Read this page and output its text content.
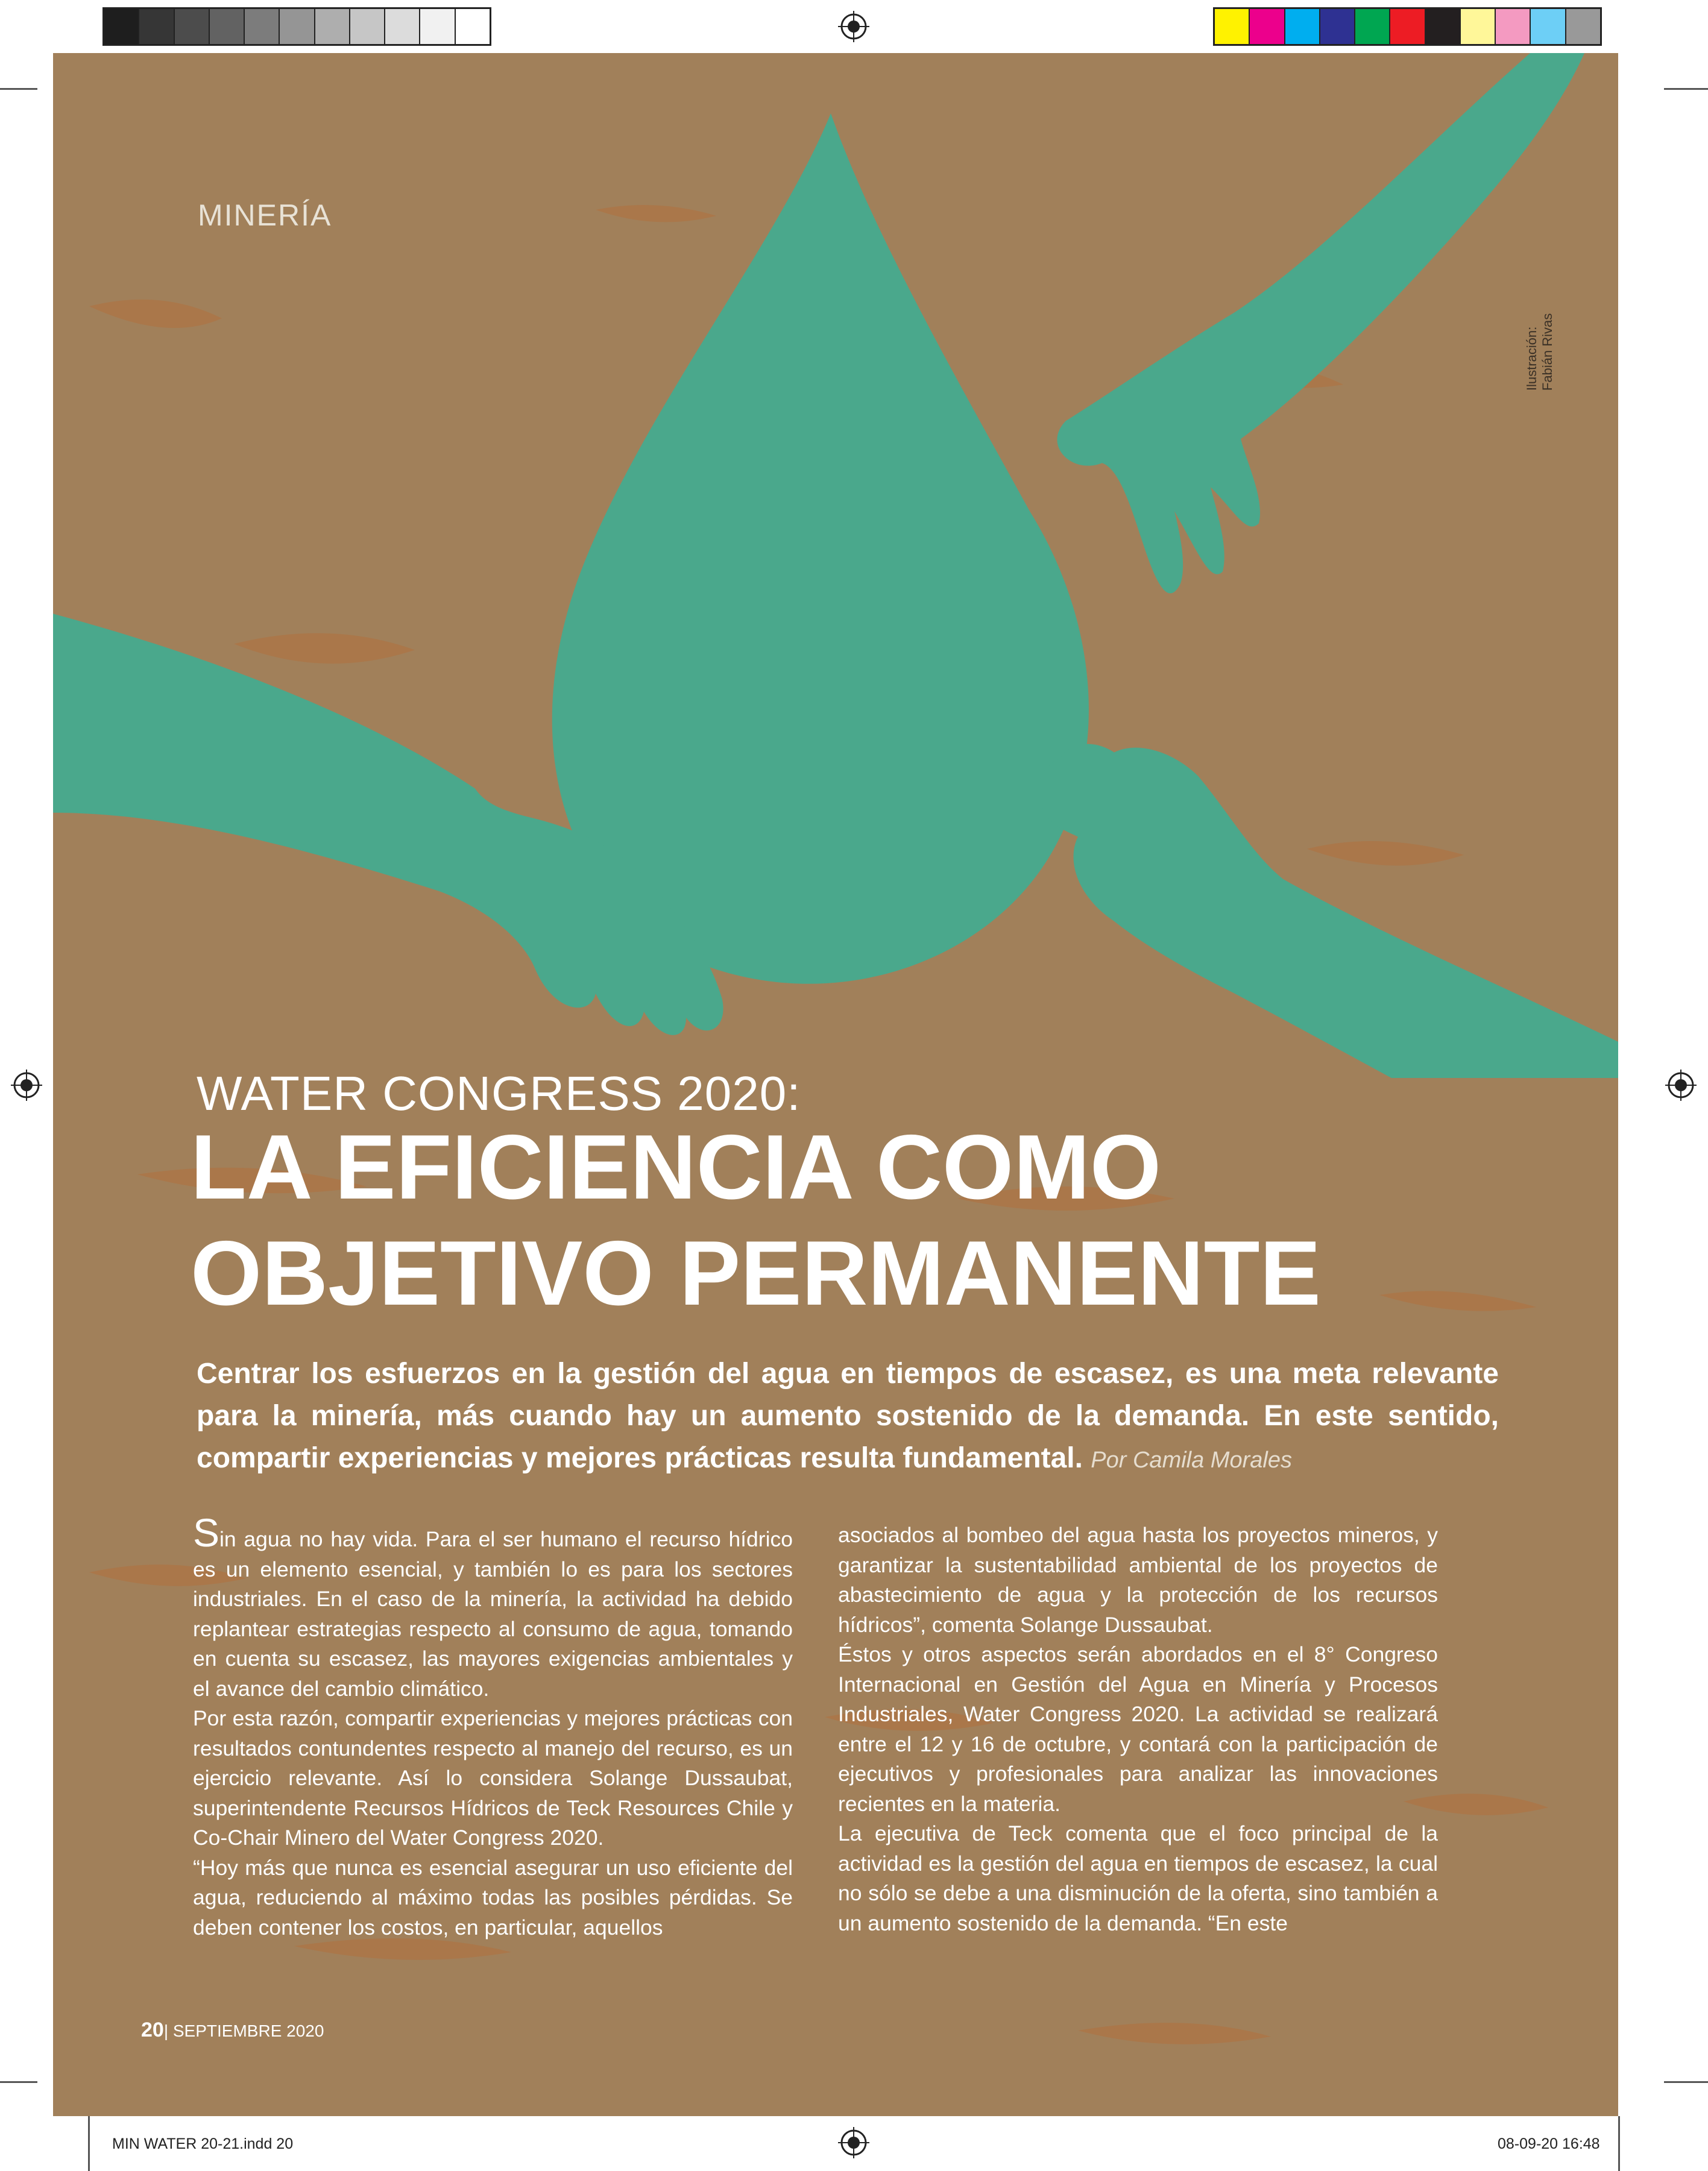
MINERÍA
Ilustración: Fabián Rivas
WATER CONGRESS 2020:
LA EFICIENCIA COMO
OBJETIVO PERMANENTE
Centrar los esfuerzos en la gestión del agua en tiempos de escasez, es una meta relevante para la minería, más cuando hay un aumento sostenido de la demanda. En este sentido, compartir experiencias y mejores prácticas resulta fundamental. Por Camila Morales

Sin agua no hay vida. Para el ser humano el recurso hídrico es un elemento esencial, y también lo es para los sectores industriales. En el caso de la minería, la actividad ha debido replantear estrategias respecto al consumo de agua, tomando en cuenta su escasez, las mayores exigencias ambientales y el avance del cambio climático.

Por esta razón, compartir experiencias y mejores prácticas con resultados contundentes respecto al manejo del recurso, es un ejercicio relevante. Así lo considera Solange Dussaubat, superintendente Recursos Hídricos de Teck Resources Chile y Co-Chair Minero del Water Congress 2020.

“Hoy más que nunca es esencial asegurar un uso eficiente del agua, reduciendo al máximo todas las posibles pérdidas. Se deben contener los costos, en particular, aquellos

asociados al bombeo del agua hasta los proyectos mineros, y garantizar la sustentabilidad ambiental de los proyectos de abastecimiento de agua y la protección de los recursos hídricos”, comenta Solange Dussaubat.

Éstos y otros aspectos serán abordados en el 8° Congreso Internacional en Gestión del Agua en Minería y Procesos Industriales, Water Congress 2020. La actividad se realizará entre el 12 y 16 de octubre, y contará con la participación de ejecutivos y profesionales para analizar las innovaciones recientes en la materia.

La ejecutiva de Teck comenta que el foco principal de la actividad es la gestión del agua en tiempos de escasez, la cual no sólo se debe a una disminución de la oferta, sino también a un aumento sostenido de la demanda. “En este

20| SEPTIEMBRE 2020
MIN WATER 20-21.indd 20	08-09-20 16:48
